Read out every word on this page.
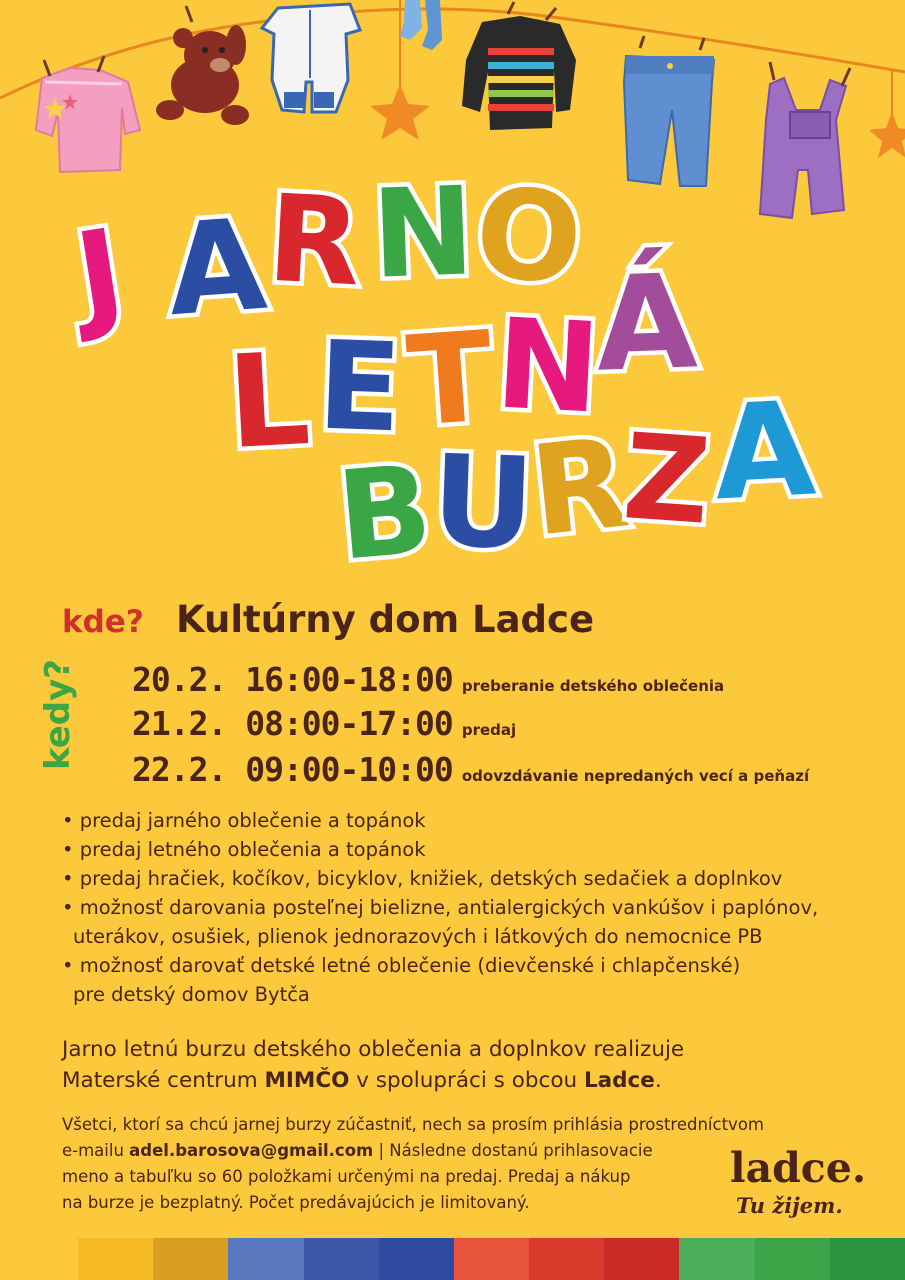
J A
R N
O
L E T
N
Á
B
U
R
Z
A
kde? Kultúrny dom Ladce
kedy? 20.2. 16:00-18:00 preberanie detského oblečenia
21.2. 08:00-17:00 predaj
22.2. 09:00-10:00 odovzdávanie nepredaných vecí a peňazí
• predaj jarného oblečenie a topánok
• predaj letného oblečenia a topánok
• predaj hračiek, kočíkov, bicyklov, knižiek, detských sedačiek a doplnkov
• možnosť darovania posteľnej bielizne, antialergických vankúšov i paplónov,
uterákov, osušiek, plienok jednorazových i látkových do nemocnice PB
• možnosť darovať detské letné oblečenie (dievčenské i chlapčenské)
pre detský domov Bytča
Jarno letnú burzu detského oblečenia a doplnkov realizuje
Materské centrum MIMČO v spolupráci s obcou Ladce.
Všetci, ktorí sa chcú jarnej burzy zúčastniť, nech sa prosím prihlásia prostredníctvom
e-mailu adel.barosova@gmail.com | Následne dostanú prihlasovacie
meno a tabuľku so 60 položkami určenými na predaj. Predaj a nákup
na burze je bezplatný. Počet predávajúcich je limitovaný.
ladce.
Tu žijem.
